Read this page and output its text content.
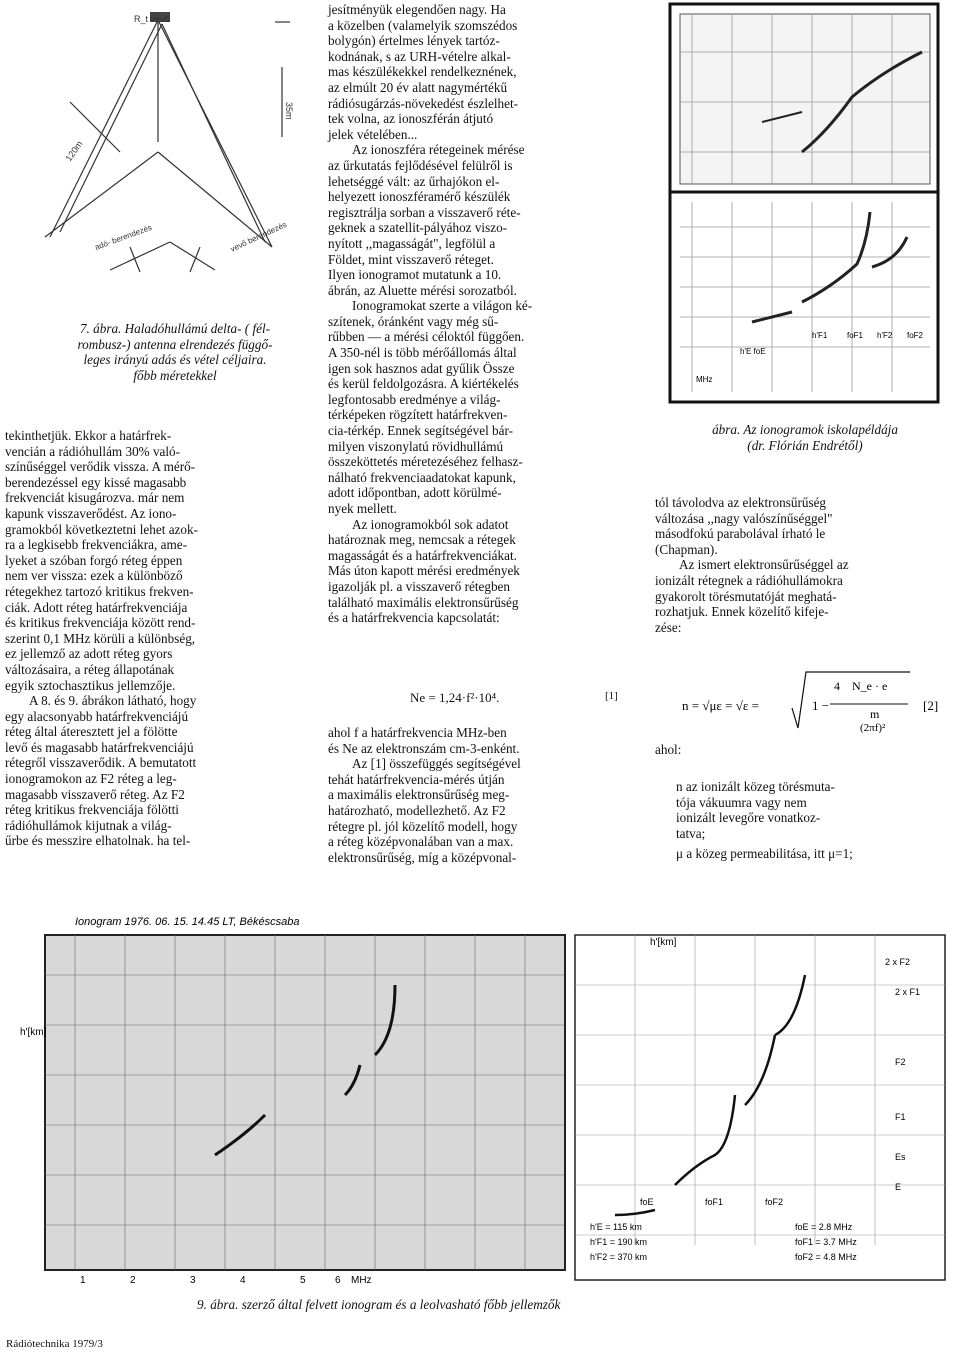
R_t vevő
35m
120m
adó- berendezés	vevő berendezés
7. ábra. Haladóhullámú delta- ( fél-
rombusz-) antenna elrendezés függő-
leges irányú adás és vétel céljaira.
főbb méretekkel

tekinthetjük. Ekkor a határfrek-
vencián a rádióhullám 30% való-
színűséggel verődik vissza. A mérő-
berendezéssel egy kissé magasabb
frekvenciát kisugározva. már nem
kapunk visszaverődést. Az iono-
gramokból következtetni lehet azok-
ra a legkisebb frekvenciákra, ame-
lyeket a szóban forgó réteg éppen
nem ver vissza: ezek a különböző
rétegekhez tartozó kritikus frekven-
ciák. Adott réteg határfrekvenciája
és kritikus frekvenciája között rend-
szerint 0,1 MHz körüli a különbség,
ez jellemző az adott réteg gyors
változásaira, a réteg állapotának
egyik sztochasztikus jellemzője.

A 8. és 9. ábrákon látható, hogy
egy alacsonyabb határfrekvenciájú
réteg által áteresztett jel a fölötte
levő és magasabb határfrekvenciájú
rétegről visszaverődik. A bemutatott
ionogramokon az F2 réteg a leg-
magasabb visszaverő réteg. Az F2
réteg kritikus frekvenciája fölötti
rádióhullámok kijutnak a világ-
űrbe és messzire elhatolnak. ha tel-

jesítményük elegendően nagy. Ha
a közelben (valamelyik szomszédos
bolygón) értelmes lények tartóz-
kodnának, s az URH-vételre alkal-
mas készülékekkel rendelkeznének,
az elmúlt 20 év alatt nagymértékű
rádiósugárzás-növekedést észlelhet-
tek volna, az ionoszférán átjutó
jelek vételében...

Az ionoszféra rétegeinek mérése
az űrkutatás fejlődésével felülről is
lehetséggé vált: az űrhajókon el-
helyezett ionoszféramérő készülék
regisztrálja sorban a visszaverő réte-
geknek a szatellit-pályához viszo-
nyított ,,magasságát", legfölül a
Földet, mint visszaverő réteget.
Ilyen ionogramot mutatunk a 10.
ábrán, az Aluette mérési sorozatból.

Ionogramokat szerte a világon ké-
szítenek, óránként vagy még sű-
rűbben — a mérési céloktól függően.
A 350-nél is több mérőállomás által
igen sok hasznos adat gyűlik Össze
és kerül feldolgozásra. A kiértékelés
legfontosabb eredménye a világ-
térképeken rögzített határfrekven-
cia-térkép. Ennek segítségével bár-
milyen viszonylatú rövidhullámú
összeköttetés méretezéséhez felhasz-
nálható frekvenciaadatokat kapunk,
adott időpontban, adott körülmé-
nyek mellett.

Az ionogramokból sok adatot
határoznak meg, nemcsak a rétegek
magasságát és a határfrekvenciákat.
Más úton kapott mérési eredmények
igazolják pl. a visszaverő rétegben
található maximális elektronsűrűség
és a határfrekvencia kapcsolatát:

Ne = 1,24·f²·10⁴.	[1]

ahol f a határfrekvencia MHz-ben
és Ne az elektronszám cm-3-enként.

Az [1] összefüggés segítségével
tehát határfrekvencia-mérés útján
a maximális elektronsűrűség meg-
határozható, modellezhető. Az F2
rétegre pl. jól közelítő modell, hogy
a réteg középvonalában van a max.
elektronsűrűség, míg a középvonal-

h'F1 foF1 h'F2 foF2
h'E foE
MHz
ábra. Az ionogramok iskolapéldája
(dr. Flórián Endrétől)

tól távolodva az elektronsűrűség
változása ,,nagy valószínűséggel"
másodfokú parabolával írható le
(Chapman).

Az ismert elektronsűrűséggel az
ionizált rétegnek a rádióhullámokra
gyakorolt törésmutatóját meghatá-
rozhatjuk. Ennek közelítő kifeje-
zése:

n = √με = √ε =	1 −
4 N_e · e
m
(2πf)²
[2]
ahol:
n az ionizált közeg törésmuta-
tója vákuumra vagy nem
ionizált levegőre vonatkoz-
tatva;
μ a közeg permeabilitása, itt μ=1;
Ionogram 1976. 06. 15. 14.45 LT, Békéscsaba
h'[km]
MHz
1	2	3	4	5	6
h'[km]
2 x F2
2 x F1
F2
F1
Es
E
foE	foF1	foF2
h'E = 115 km
h'F1 = 190 km
h'F2 = 370 km
foE = 2.8 MHz
foF1 = 3.7 MHz
foF2 = 4.8 MHz
9. ábra. szerző által felvett ionogram és a leolvasható főbb jellemzők
Rádiótechnika 1979/3
